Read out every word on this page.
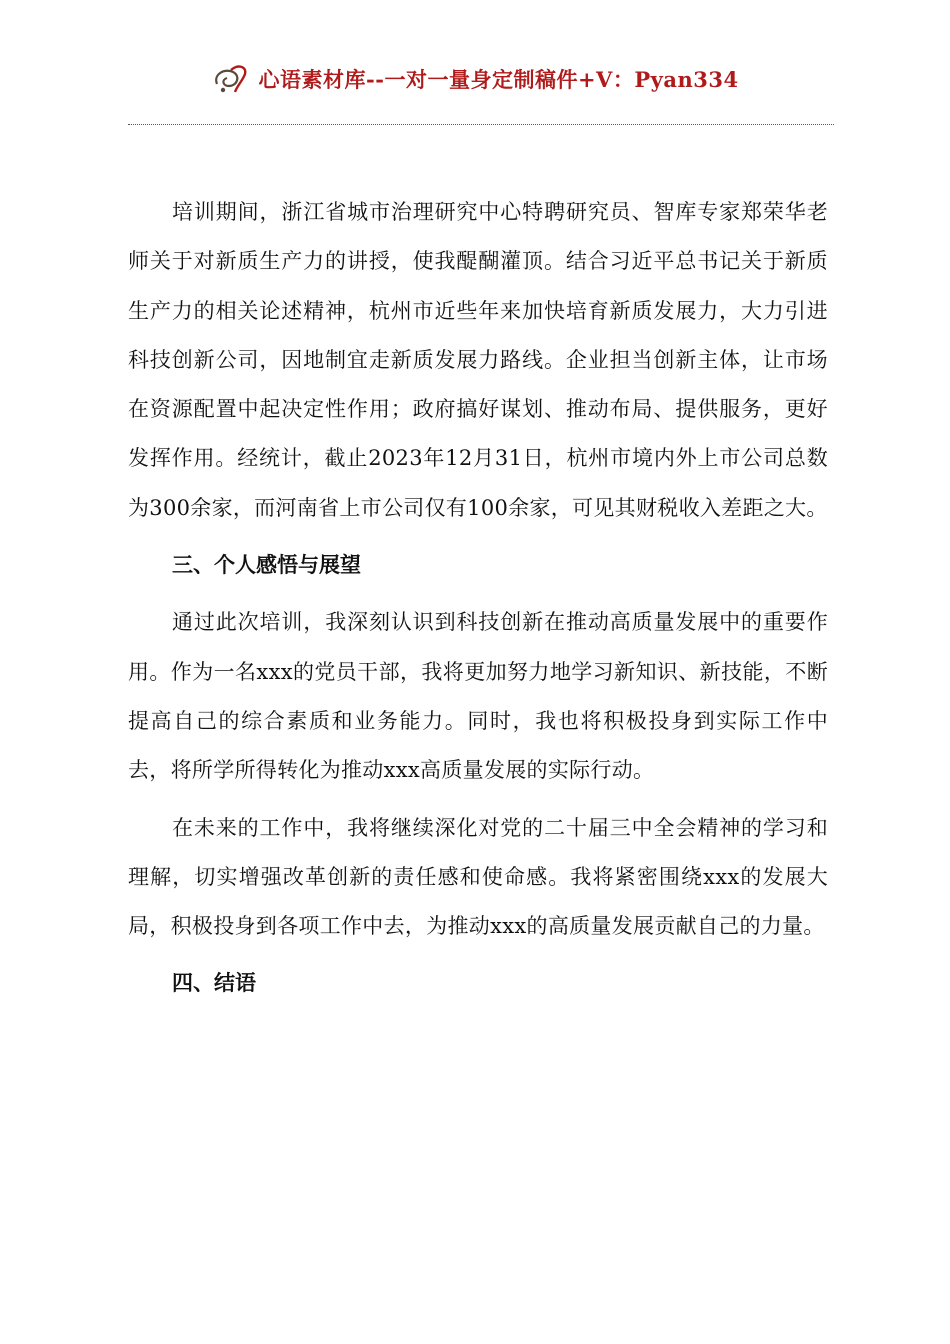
心语素材库--一对一量身定制稿件+V：Pyan334

培训期间，浙江省城市治理研究中心特聘研究员、智库专家郑荣华老师关于对新质生产力的讲授，使我醍醐灌顶。结合习近平总书记关于新质生产力的相关论述精神，杭州市近些年来加快培育新质发展力，大力引进科技创新公司，因地制宜走新质发展力路线。企业担当创新主体，让市场在资源配置中起决定性作用；政府搞好谋划、推动布局、提供服务，更好发挥作用。经统计，截止2023年12月31日，杭州市境内外上市公司总数为300余家，而河南省上市公司仅有100余家，可见其财税收入差距之大。

三、个人感悟与展望

通过此次培训，我深刻认识到科技创新在推动高质量发展中的重要作用。作为一名xxx的党员干部，我将更加努力地学习新知识、新技能，不断提高自己的综合素质和业务能力。同时，我也将积极投身到实际工作中去，将所学所得转化为推动xxx高质量发展的实际行动。

在未来的工作中，我将继续深化对党的二十届三中全会精神的学习和理解，切实增强改革创新的责任感和使命感。我将紧密围绕xxx的发展大局，积极投身到各项工作中去，为推动xxx的高质量发展贡献自己的力量。

四、结语
